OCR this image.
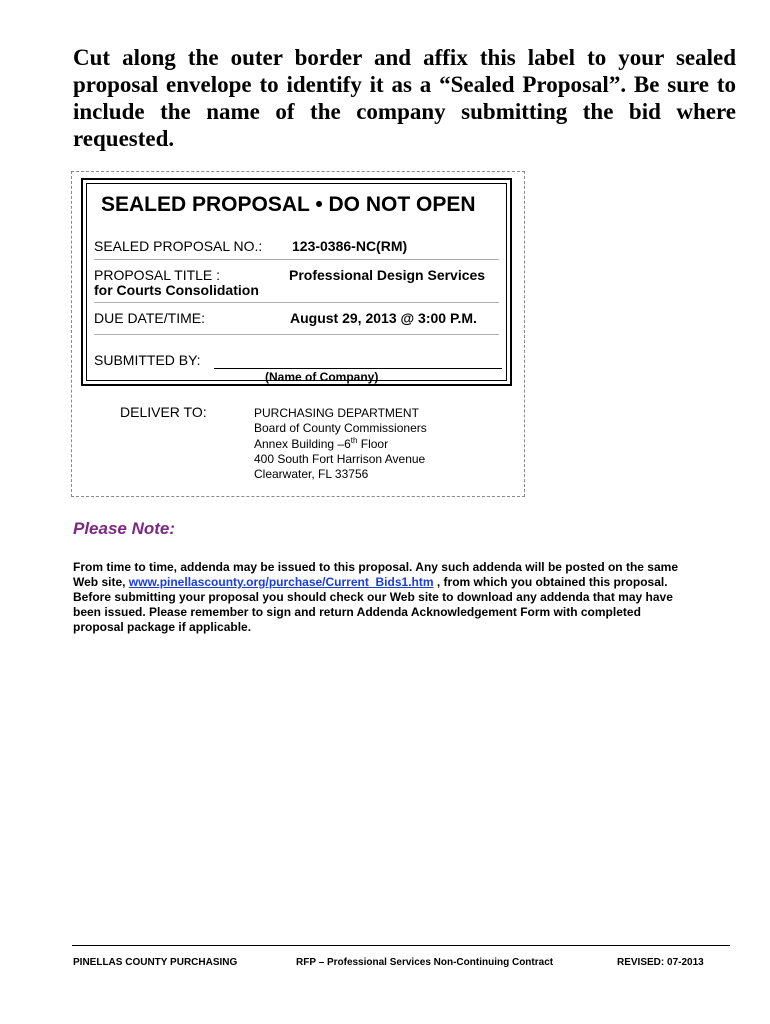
Cut along the outer border and affix this label to your sealed proposal envelope to identify it as a “Sealed Proposal”. Be sure to include the name of the company submitting the bid where requested.

SEALED PROPOSAL • DO NOT OPEN
SEALED PROPOSAL NO.: 123-0386-NC(RM)
PROPOSAL TITLE :	Professional Design Services
for Courts Consolidation
DUE DATE/TIME:	August 29, 2013 @ 3:00 P.M.
SUBMITTED BY:
(Name of Company)
DELIVER TO:	PURCHASING DEPARTMENT
Board of County Commissioners
Annex Building –6th Floor
400 South Fort Harrison Avenue
Clearwater, FL 33756
Please Note:

From time to time, addenda may be issued to this proposal. Any such addenda will be posted on the same Web site, www.pinellascounty.org/purchase/Current_Bids1.htm , from which you obtained this proposal. Before submitting your proposal you should check our Web site to download any addenda that may have been issued. Please remember to sign and return Addenda Acknowledgement Form with completed proposal package if applicable.

PINELLAS COUNTY PURCHASING	RFP – Professional Services Non-Continuing Contract	REVISED: 07-2013
